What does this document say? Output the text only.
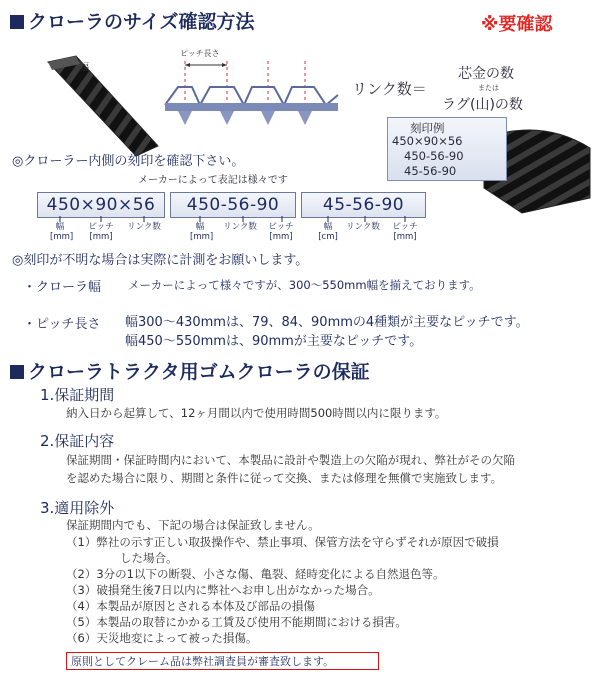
クローラのサイズ確認方法	※要確認
幅
ピッチ長さ
リンク数＝
芯金の数
または
ラグ(山)の数
刻印例
450×90×56
450-56-90
45-56-90
◎クローラー内側の刻印を確認下さい。
メーカーによって表記は様々です
450×90×56	450-56-90	45-56-90
幅
[mm]
ピッチ
[mm]
リンク数	幅
[mm]
リンク数	ピッチ
[mm]
幅
[cm]
リンク数	ピッチ
[mm]
◎刻印が不明な場合は実際に計測をお願いします。
・クローラ幅 メーカーによって様々ですが、300〜550mm幅を揃えております。
・ピッチ長さ 幅300〜430mmは、79、84、90mmの4種類が主要なピッチです。
幅450〜550mmは、90mmが主要なピッチです。
クローラトラクタ用ゴムクローラの保証
1.保証期間
納入日から起算して、12ヶ月間以内で使用時間500時間以内に限ります。
2.保証内容
保証期間・保証時間内において、本製品に設計や製造上の欠陥が現れ、弊社がその欠陥
を認めた場合に限り、期間と条件に従って交換、または修理を無償で実施致します。
3.適用除外
保証期間内でも、下記の場合は保証致しません。
（1）弊社の示す正しい取扱操作や、禁止事項、保管方法を守らずそれが原因で破損
した場合。
（2）3分の1以下の断裂、小さな傷、亀裂、経時変化による自然退色等。
（3）破損発生後7日以内に弊社へお申し出がなかった場合。
（4）本製品が原因とされる本体及び部品の損傷
（5）本製品の取替にかかる工賃及び使用不能期間における損害。
（6）天災地変によって被った損傷。
原則としてクレーム品は弊社調査員が審査致します。
